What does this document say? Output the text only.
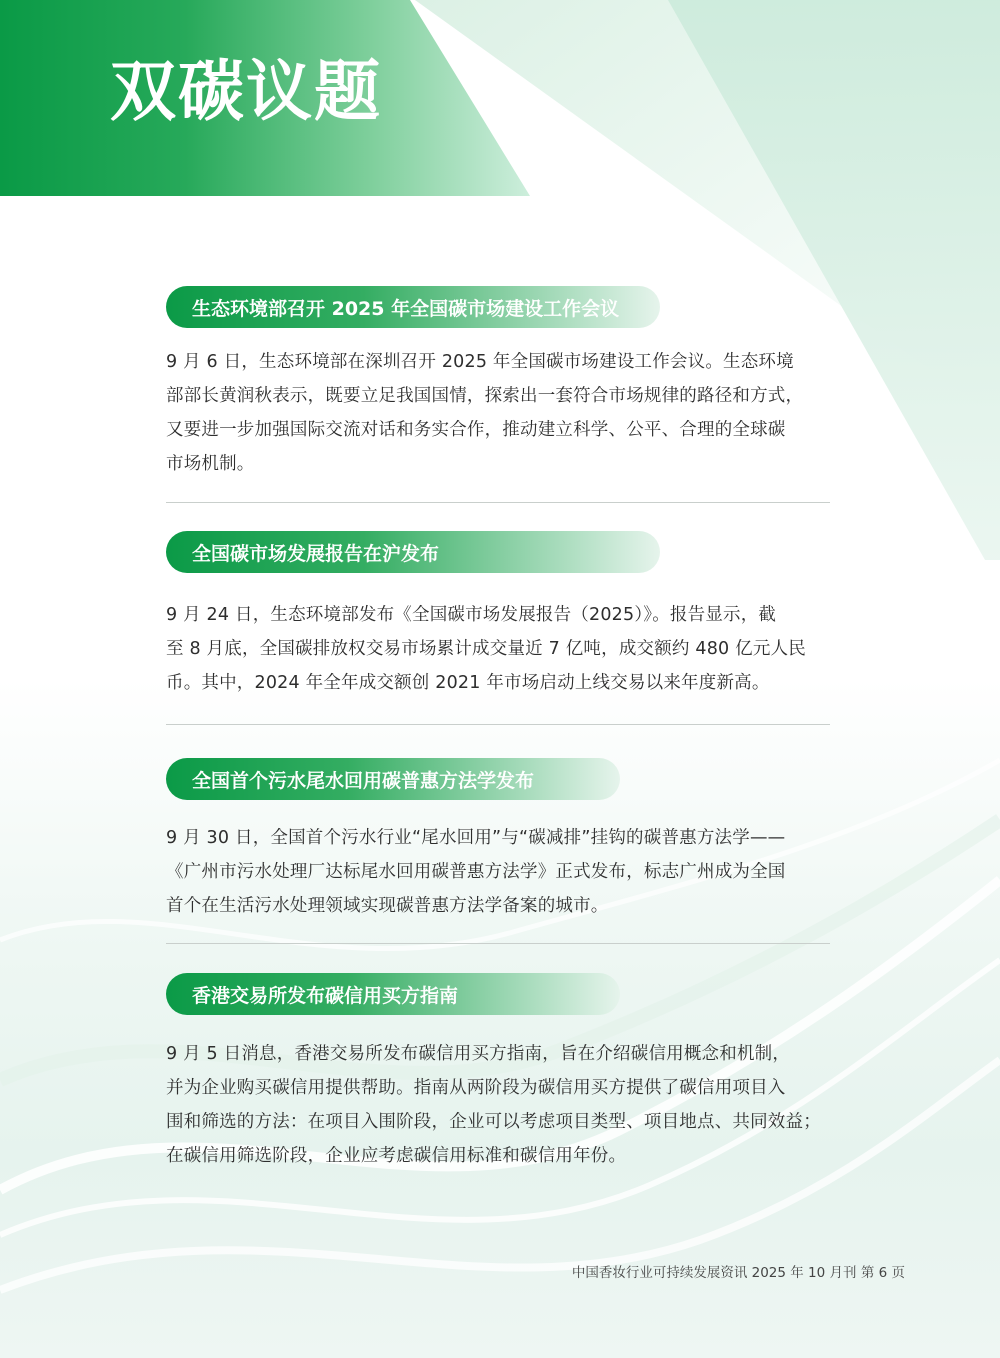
双碳议题
生态环境部召开 2025 年全国碳市场建设工作会议

9 月 6 日，生态环境部在深圳召开 2025 年全国碳市场建设工作会议。生态环境

部部长黄润秋表示，既要立足我国国情，探索出一套符合市场规律的路径和方式，

又要进一步加强国际交流对话和务实合作，推动建立科学、公平、合理的全球碳

市场机制。

全国碳市场发展报告在沪发布

9 月 24 日，生态环境部发布《全国碳市场发展报告（2025）》。报告显示，截

至 8 月底，全国碳排放权交易市场累计成交量近 7 亿吨，成交额约 480 亿元人民

币。其中，2024 年全年成交额创 2021 年市场启动上线交易以来年度新高。

全国首个污水尾水回用碳普惠方法学发布

9 月 30 日，全国首个污水行业“尾水回用”与“碳减排”挂钩的碳普惠方法学——

《广州市污水处理厂达标尾水回用碳普惠方法学》正式发布，标志广州成为全国

首个在生活污水处理领域实现碳普惠方法学备案的城市。

香港交易所发布碳信用买方指南

9 月 5 日消息，香港交易所发布碳信用买方指南，旨在介绍碳信用概念和机制，

并为企业购买碳信用提供帮助。指南从两阶段为碳信用买方提供了碳信用项目入

围和筛选的方法：在项目入围阶段，企业可以考虑项目类型、项目地点、共同效益；

在碳信用筛选阶段，企业应考虑碳信用标准和碳信用年份。

中国香妆行业可持续发展资讯 2025 年 10 月刊 第 6 页
